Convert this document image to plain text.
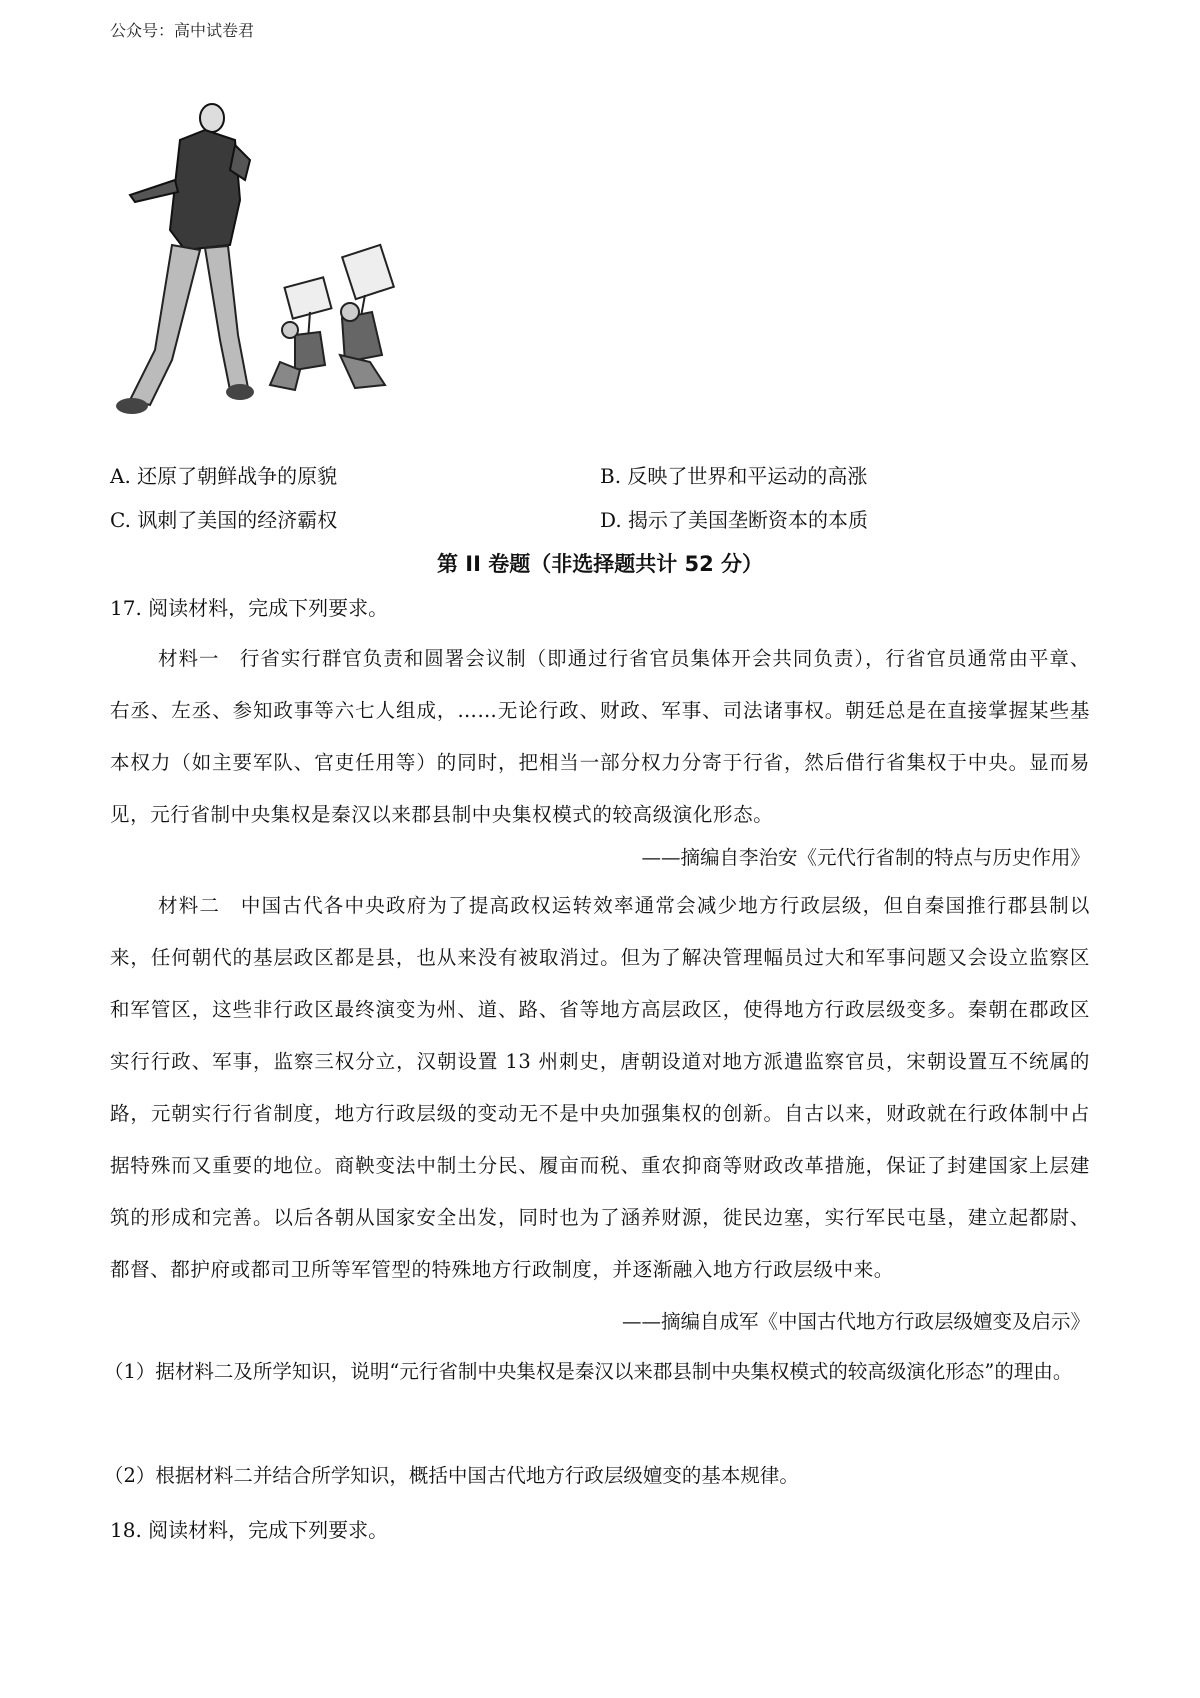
公众号：高中试卷君
A. 还原了朝鲜战争的原貌	B. 反映了世界和平运动的高涨
C. 讽刺了美国的经济霸权	D. 揭示了美国垄断资本的本质
第 II 卷题（非选择题共计 52 分）
17. 阅读材料，完成下列要求。
材料一　行省实行群官负责和圆署会议制（即通过行省官员集体开会共同负责），行省官员通常由平章、右丞、左丞、参知政事等六七人组成，……无论行政、财政、军事、司法诸事权。朝廷总是在直接掌握某些基本权力（如主要军队、官吏任用等）的同时，把相当一部分权力分寄于行省，然后借行省集权于中央。显而易见，元行省制中央集权是秦汉以来郡县制中央集权模式的较高级演化形态。
——摘编自李治安《元代行省制的特点与历史作用》
材料二　中国古代各中央政府为了提高政权运转效率通常会减少地方行政层级，但自秦国推行郡县制以来，任何朝代的基层政区都是县，也从来没有被取消过。但为了解决管理幅员过大和军事问题又会设立监察区和军管区，这些非行政区最终演变为州、道、路、省等地方高层政区，使得地方行政层级变多。秦朝在郡政区实行行政、军事，监察三权分立，汉朝设置 13 州刺史，唐朝设道对地方派遣监察官员，宋朝设置互不统属的路，元朝实行行省制度，地方行政层级的变动无不是中央加强集权的创新。自古以来，财政就在行政体制中占据特殊而又重要的地位。商鞅变法中制土分民、履亩而税、重农抑商等财政改革措施，保证了封建国家上层建筑的形成和完善。以后各朝从国家安全出发，同时也为了涵养财源，徙民边塞，实行军民屯垦，建立起都尉、都督、都护府或都司卫所等军管型的特殊地方行政制度，并逐渐融入地方行政层级中来。
——摘编自成军《中国古代地方行政层级嬗变及启示》
（1）据材料二及所学知识，说明“元行省制中央集权是秦汉以来郡县制中央集权模式的较高级演化形态”的理由。
（2）根据材料二并结合所学知识，概括中国古代地方行政层级嬗变的基本规律。
18. 阅读材料，完成下列要求。
